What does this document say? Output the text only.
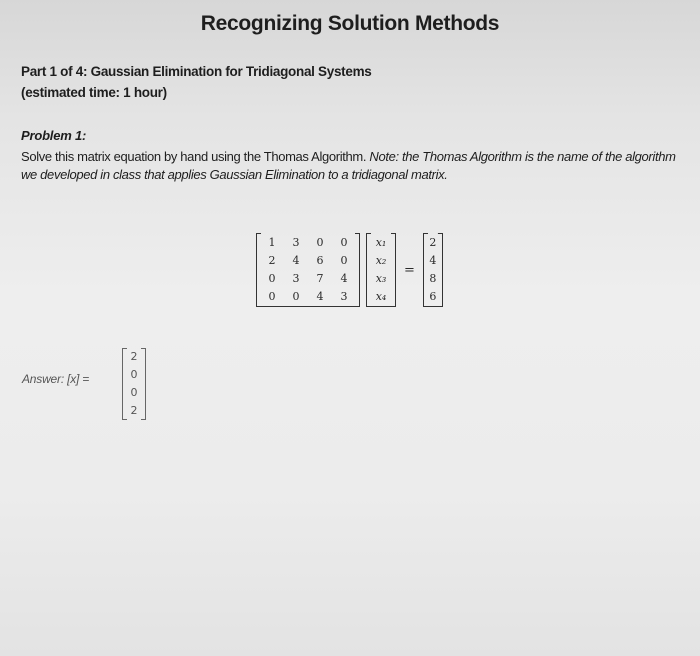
Recognizing Solution Methods
Part 1 of 4: Gaussian Elimination for Tridiagonal Systems
(estimated time: 1 hour)
Problem 1:
Solve this matrix equation by hand using the Thomas Algorithm. Note: the Thomas Algorithm is the name of the algorithm we developed in class that applies Gaussian Elimination to a tridiagonal matrix.
1	3	0	0
2	4	6	0
0	3	7	4
0	0	4	3
x₁
x₂
x₃
x₄
=
2
4
8
6
Answer: [x] =
2
0
0
2
